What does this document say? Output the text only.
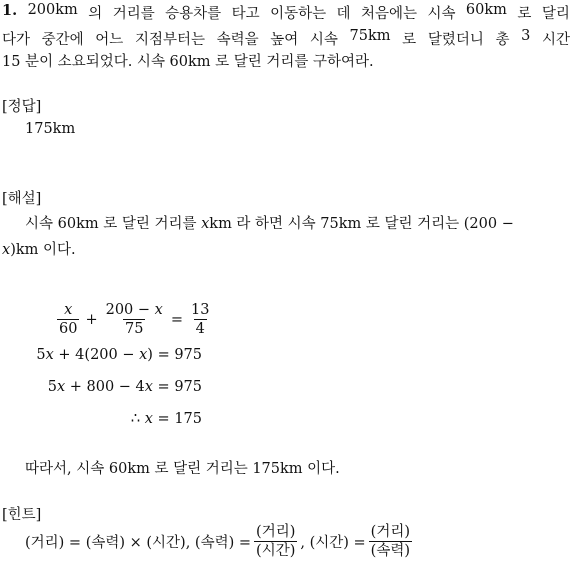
1. 200km 의 거리를 승용차를 타고 이동하는 데 처음에는 시속 60km 로 달리
다가 중간에 어느 지점부터는 속력을 높여 시속 75km 로 달렸더니 총 3 시간
15 분이 소요되었다. 시속 60km 로 달린 거리를 구하여라.
[정답]
175km
[해설]
시속 60km 로 달린 거리를 xkm 라 하면 시속 75km 로 달린 거리는 (200 −
x)km 이다.
$\frac{x}{60} + \frac{200 - x}{75} = \frac{13}{4}$
5x + 4(200 − x) = 975
5x + 800 − 4x = 975
∴ x = 175
따라서, 시속 60km 로 달린 거리는 175km 이다.
[힌트]
(거리) = (속력) × (시간), (속력) = $\frac{\text{(거리)}}{\text{(시간)}}$ , (시간) = $\frac{\text{(거리)}}{\text{(속력)}}$
